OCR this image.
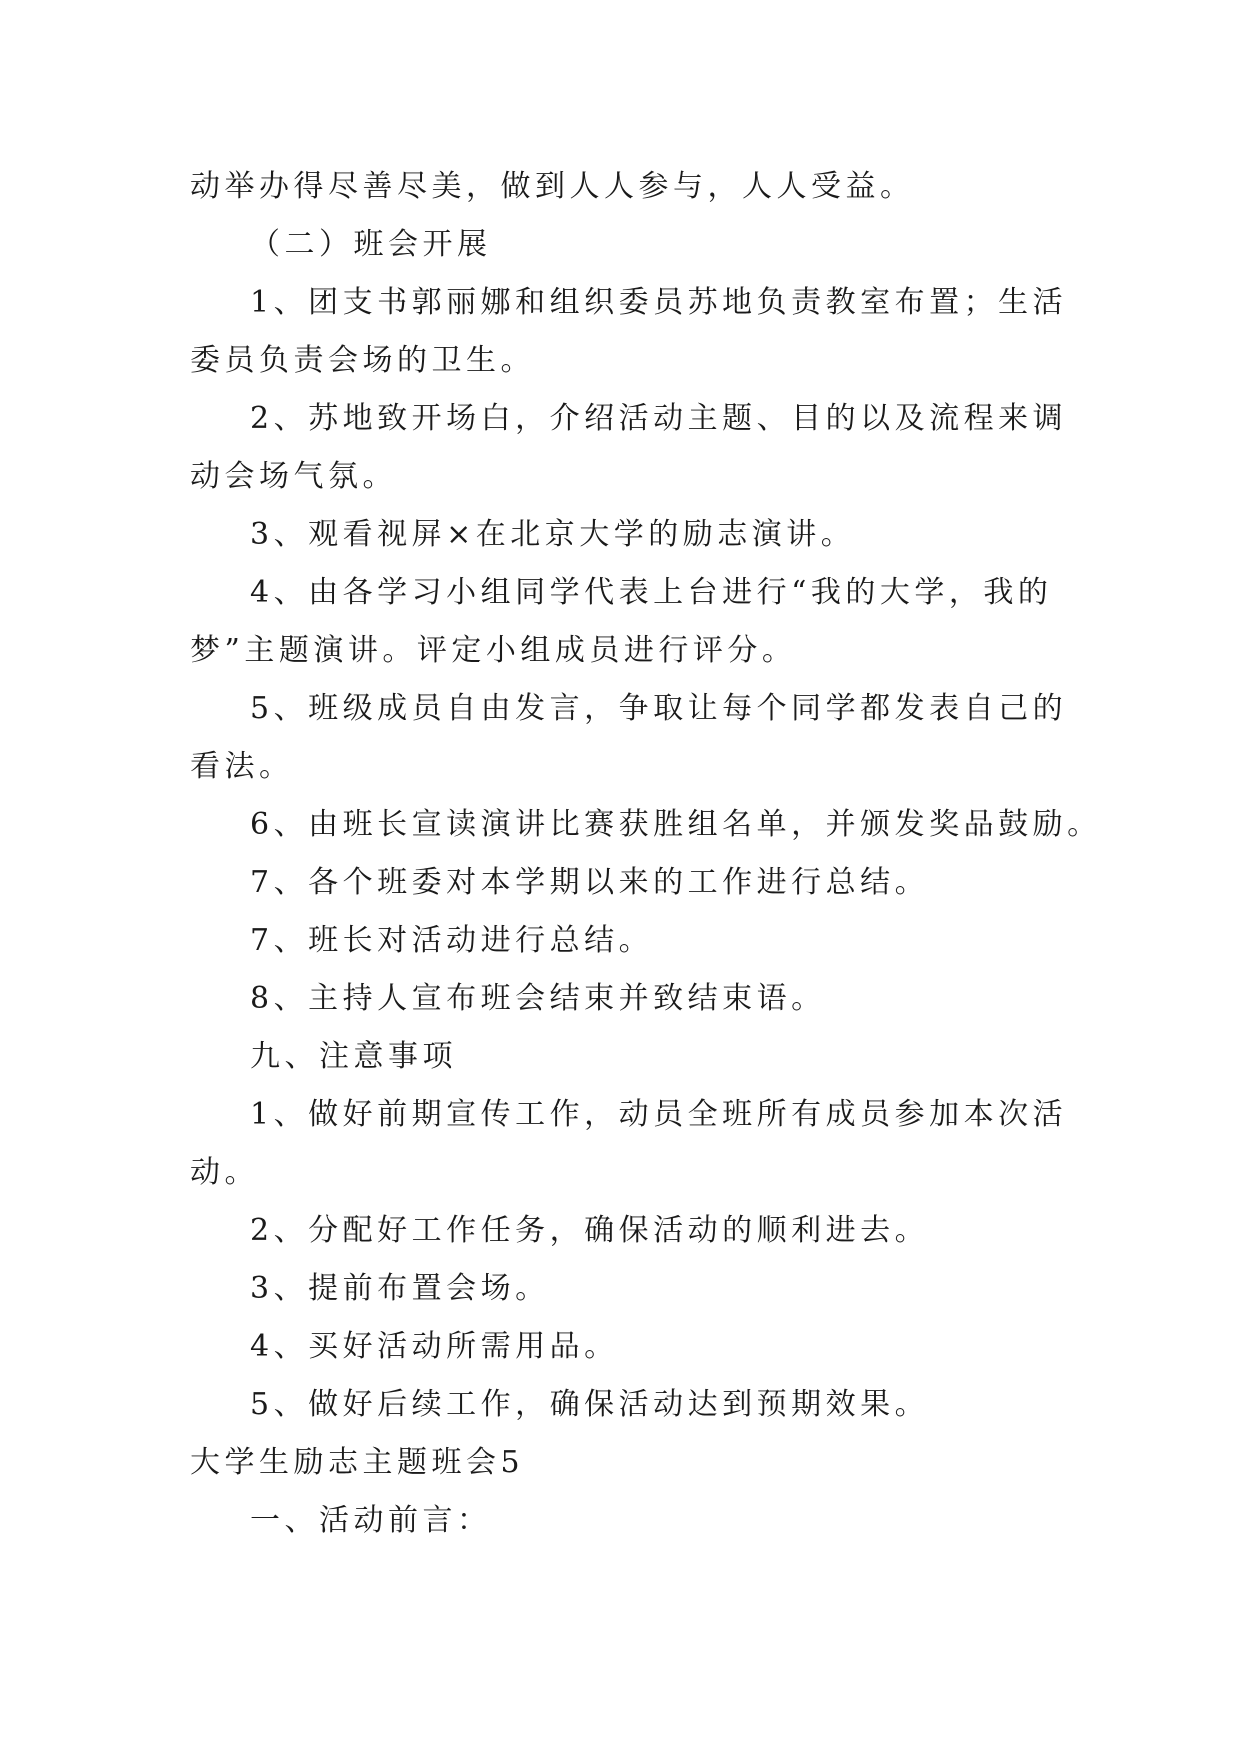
动举办得尽善尽美，做到人人参与，人人受益。
（二）班会开展
1、团支书郭丽娜和组织委员苏地负责教室布置；生活
委员负责会场的卫生。
2、苏地致开场白，介绍活动主题、目的以及流程来调
动会场气氛。
3、观看视屏×在北京大学的励志演讲。
4、由各学习小组同学代表上台进行“我的大学，我的
梦”主题演讲。评定小组成员进行评分。
5、班级成员自由发言，争取让每个同学都发表自己的
看法。
6、由班长宣读演讲比赛获胜组名单，并颁发奖品鼓励。
7、各个班委对本学期以来的工作进行总结。
7、班长对活动进行总结。
8、主持人宣布班会结束并致结束语。
九、注意事项
1、做好前期宣传工作，动员全班所有成员参加本次活
动。
2、分配好工作任务，确保活动的顺利进去。
3、提前布置会场。
4、买好活动所需用品。
5、做好后续工作，确保活动达到预期效果。
大学生励志主题班会5
一、活动前言：
